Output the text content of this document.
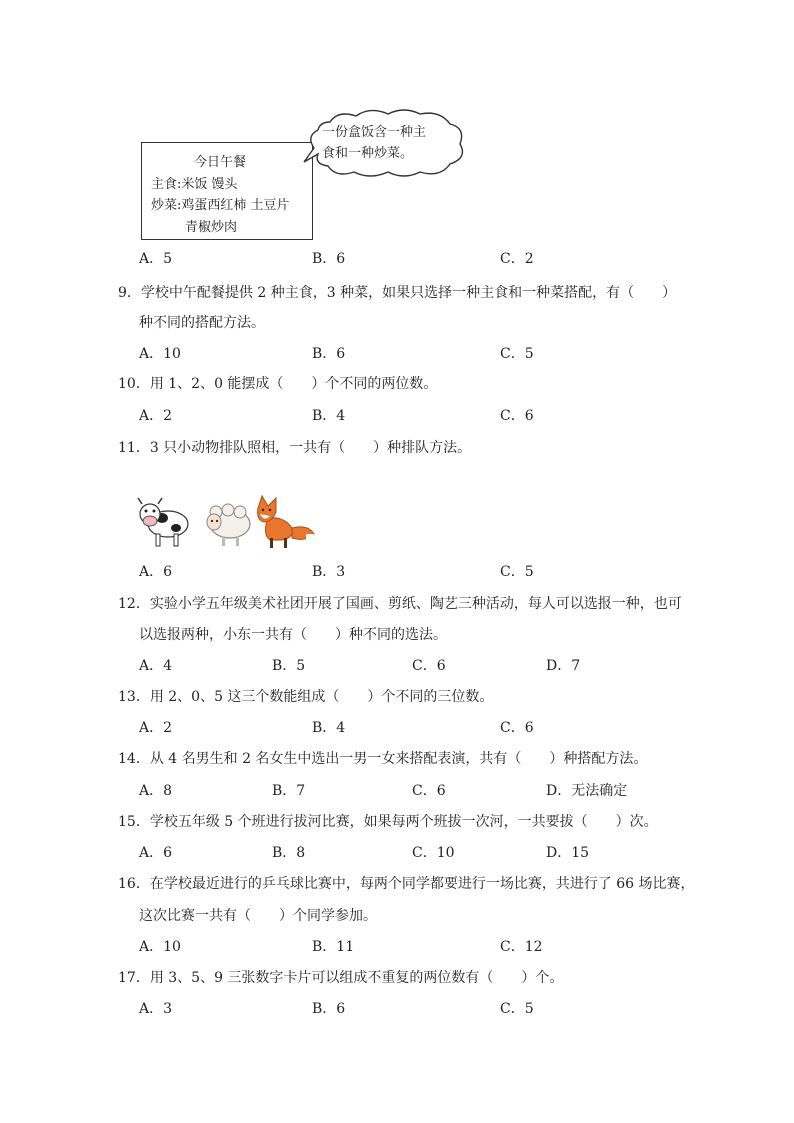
今日午餐
主食:米饭 馒头
炒菜:鸡蛋西红柿 土豆片
青椒炒肉
一份盒饭含一种主
食和一种炒菜。
A．5	B．6	C．2
9．学校中午配餐提供 2 种主食，3 种菜，如果只选择一种主食和一种菜搭配，有（　　）
种不同的搭配方法。
A．10	B．6	C．5
10．用 1、2、0 能摆成（　　）个不同的两位数。
A．2	B．4	C．6
11．3 只小动物排队照相，一共有（　　）种排队方法。
A．6	B．3	C．5
12．实验小学五年级美术社团开展了国画、剪纸、陶艺三种活动，每人可以选报一种，也可
以选报两种，小东一共有（　　）种不同的选法。
A．4	B．5	C．6	D．7
13．用 2、0、5 这三个数能组成（　　）个不同的三位数。
A．2	B．4	C．6
14．从 4 名男生和 2 名女生中选出一男一女来搭配表演，共有（　　）种搭配方法。
A．8	B．7	C．6	D．无法确定
15．学校五年级 5 个班进行拔河比赛，如果每两个班拔一次河，一共要拔（　　）次。
A．6	B．8	C．10	D．15
16．在学校最近进行的乒乓球比赛中，每两个同学都要进行一场比赛，共进行了 66 场比赛，
这次比赛一共有（　　）个同学参加。
A．10	B．11	C．12
17．用 3、5、9 三张数字卡片可以组成不重复的两位数有（　　）个。
A．3	B．6	C．5
